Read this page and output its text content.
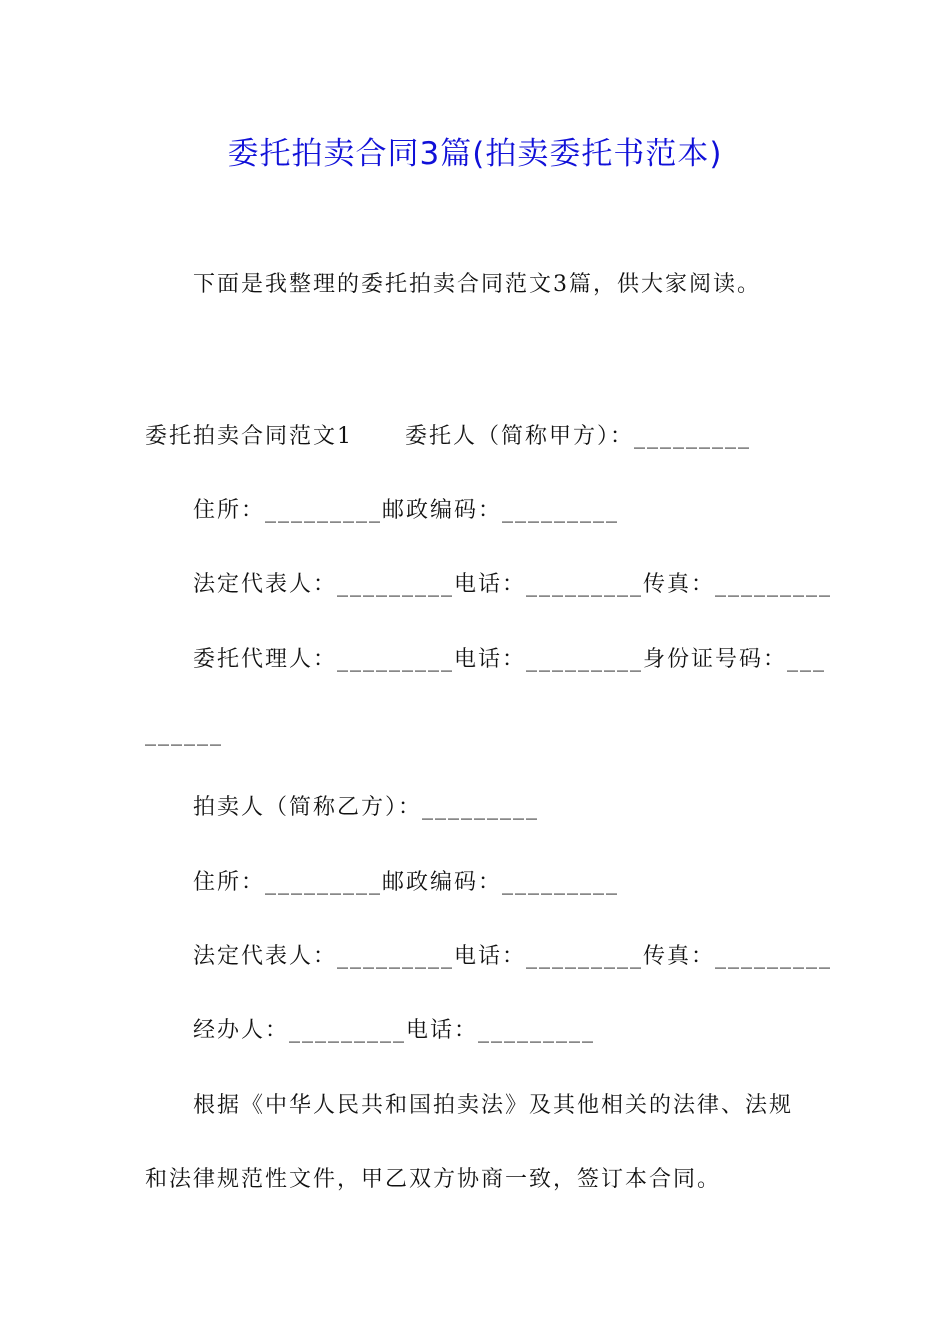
委托拍卖合同3篇(拍卖委托书范本)
下面是我整理的委托拍卖合同范文3篇，供大家阅读。
委托拍卖合同范文1 委托人（简称甲方）：_________
住所：_________邮政编码：_________
法定代表人：_________电话：_________传真：_________
委托代理人：_________电话：_________身份证号码：___
______
拍卖人（简称乙方）：_________
住所：_________邮政编码：_________
法定代表人：_________电话：_________传真：_________
经办人：_________电话：_________
根据《中华人民共和国拍卖法》及其他相关的法律、法规
和法律规范性文件，甲乙双方协商一致，签订本合同。
